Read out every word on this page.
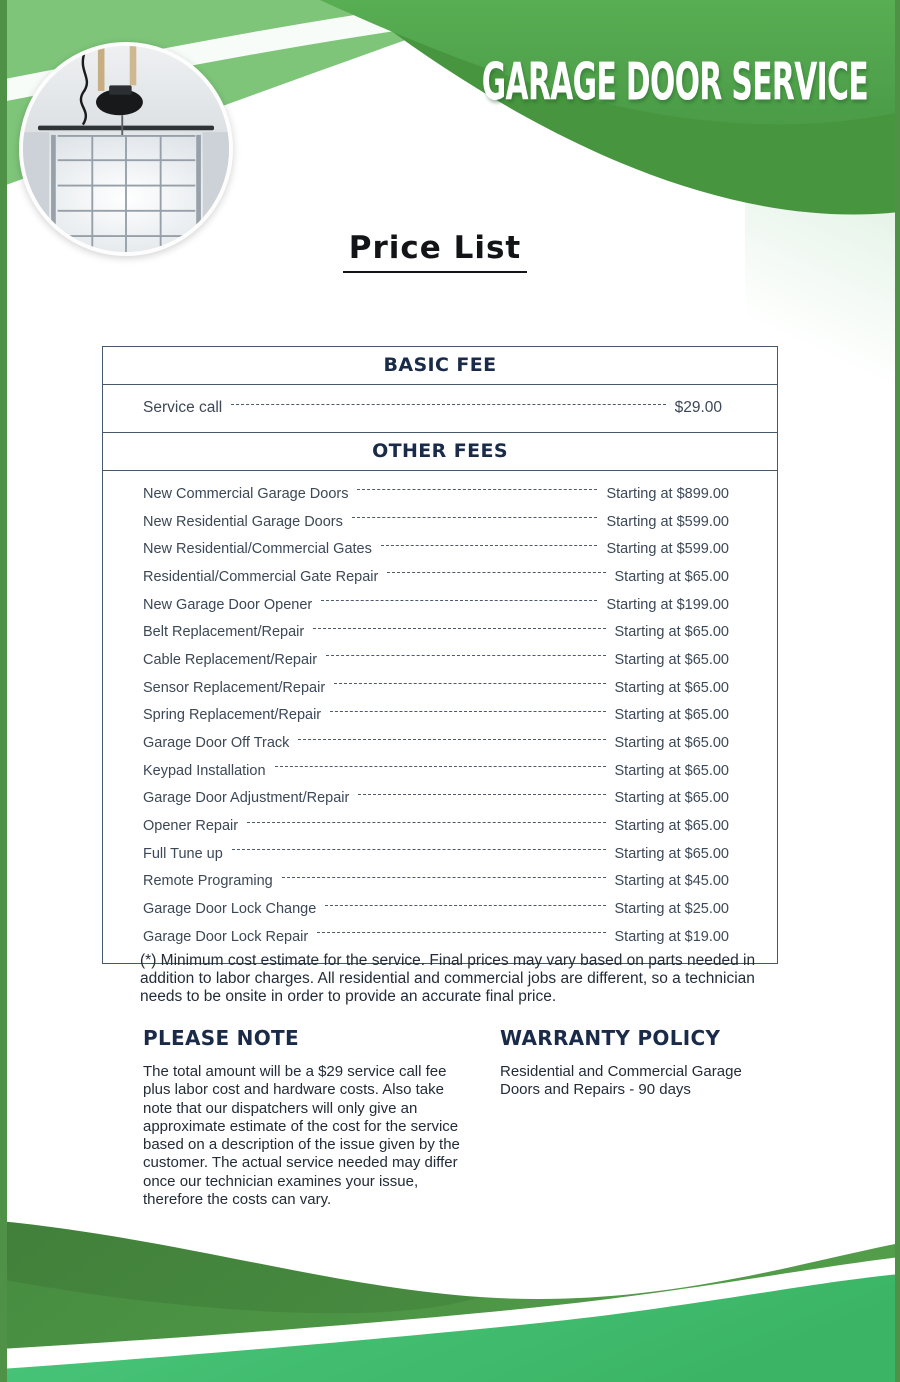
GARAGE DOOR SERVICE
Price List
BASIC FEE
Service call	$29.00
OTHER FEES
New Commercial Garage Doors	Starting at $899.00
New Residential Garage Doors	Starting at $599.00
New Residential/Commercial Gates	Starting at $599.00
Residential/Commercial Gate Repair	Starting at $65.00
New Garage Door Opener	Starting at $199.00
Belt Replacement/Repair	Starting at $65.00
Cable Replacement/Repair	Starting at $65.00
Sensor Replacement/Repair	Starting at $65.00
Spring Replacement/Repair	Starting at $65.00
Garage Door Off Track	Starting at $65.00
Keypad Installation	Starting at $65.00
Garage Door Adjustment/Repair	Starting at $65.00
Opener Repair	Starting at $65.00
Full Tune up	Starting at $65.00
Remote Programing	Starting at $45.00
Garage Door Lock Change	Starting at $25.00
Garage Door Lock Repair	Starting at $19.00

(*) Minimum cost estimate for the service. Final prices may vary based on parts needed in addition to labor charges. All residential and commercial jobs are different, so a technician needs to be onsite in order to provide an accurate final price.

PLEASE NOTE

The total amount will be a $29 service call fee plus labor cost and hardware costs. Also take note that our dispatchers will only give an approximate estimate of the cost for the service based on a description of the issue given by the customer. The actual service needed may differ once our technician examines your issue, therefore the costs can vary.

WARRANTY POLICY

Residential and Commercial Garage Doors and Repairs - 90 days
